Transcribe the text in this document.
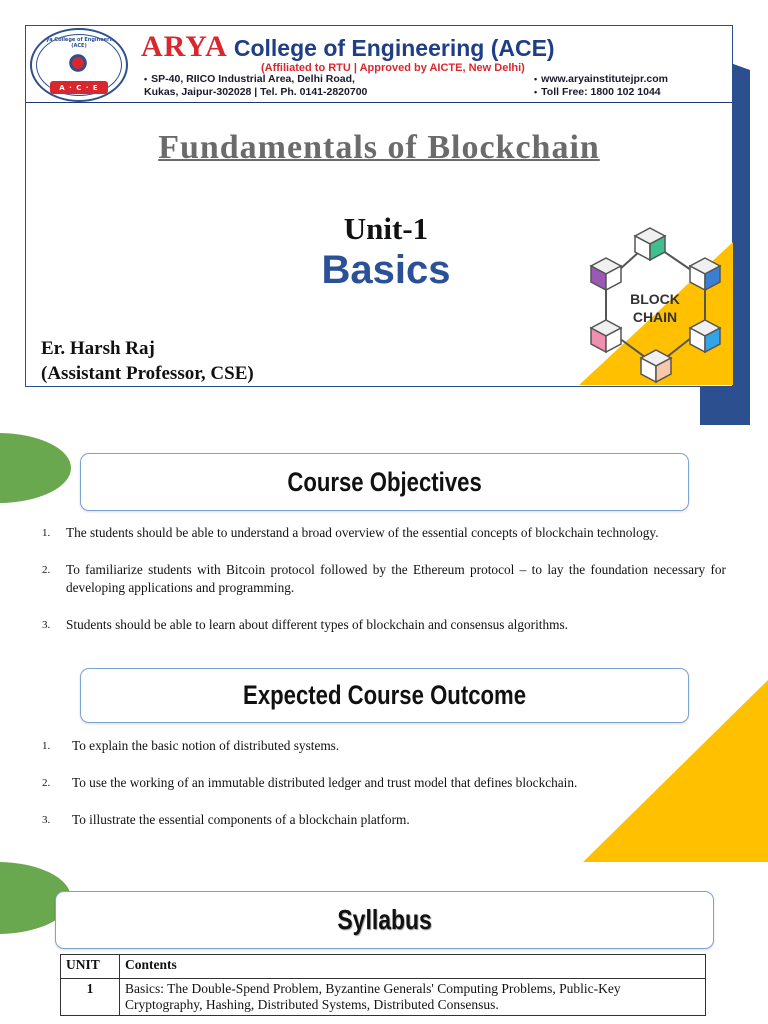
Arya College of Engineering (ACE)
A · C · E
ARYA College of Engineering (ACE)
(Affiliated to RTU | Approved by AICTE, New Delhi)
• SP-40, RIICO Industrial Area, Delhi Road,
Kukas, Jaipur-302028 | Tel. Ph. 0141-2820700
• www.aryainstitutejpr.com
• Toll Free: 1800 102 1044
Fundamentals of Blockchain
Unit-1
Basics
Er. Harsh Raj
(Assistant Professor, CSE)
BLOCK
CHAIN
Course Objectives
1.	The students should be able to understand a broad overview of the essential concepts of blockchain technology.
2.	To familiarize students with Bitcoin protocol followed by the Ethereum protocol – to lay the foundation necessary for developing applications and programming.
3.	Students should be able to learn about different types of blockchain and consensus algorithms.
Expected Course Outcome
1.	To explain the basic notion of distributed systems.
2.	To use the working of an immutable distributed ledger and trust model that defines blockchain.
3.	To illustrate the essential components of a blockchain platform.
Syllabus
UNIT	Contents
1	Basics: The Double-Spend Problem, Byzantine Generals' Computing Problems, Public-Key Cryptography, Hashing, Distributed Systems, Distributed Consensus.
